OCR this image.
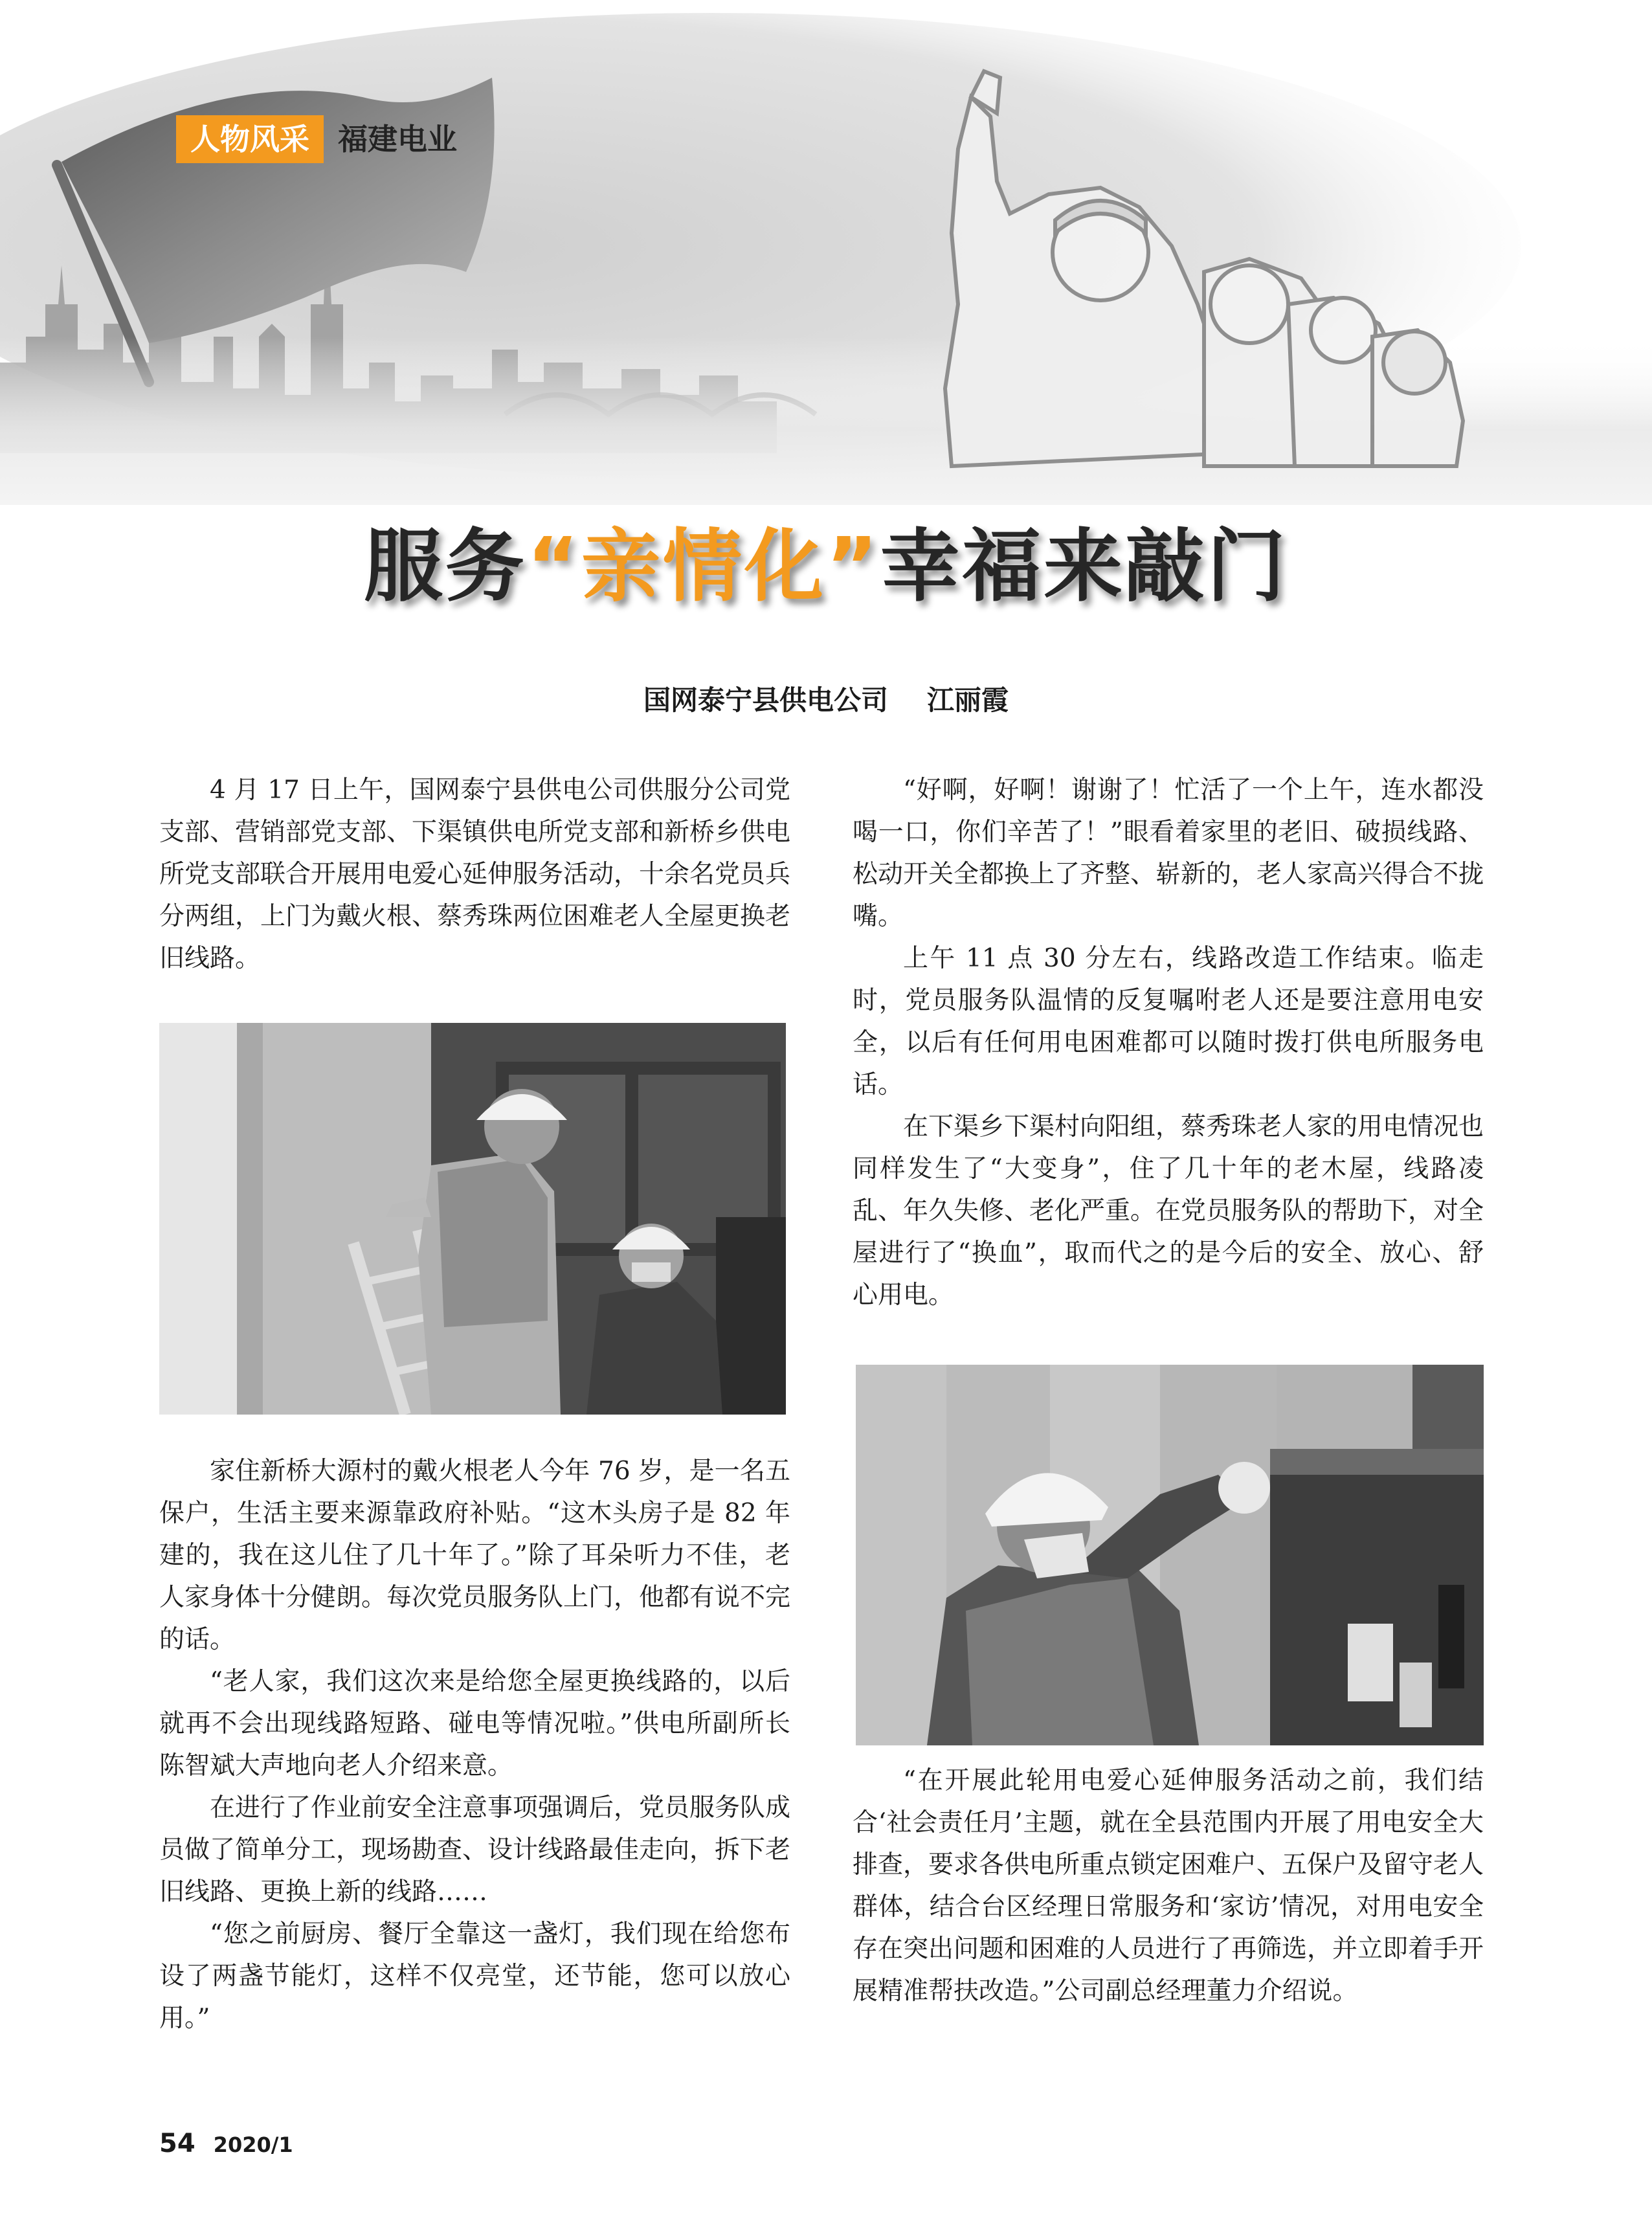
人物风采 福建电业
服务“亲情化”幸福来敲门
国网泰宁县供电公司 江丽霞

4 月 17 日上午，国网泰宁县供电公司供服分公司党支部、营销部党支部、下渠镇供电所党支部和新桥乡供电所党支部联合开展用电爱心延伸服务活动，十余名党员兵分两组，上门为戴火根、蔡秀珠两位困难老人全屋更换老旧线路。

家住新桥大源村的戴火根老人今年 76 岁，是一名五保户，生活主要来源靠政府补贴。“这木头房子是 82 年建的，我在这儿住了几十年了。”除了耳朵听力不佳，老人家身体十分健朗。每次党员服务队上门，他都有说不完的话。

“老人家，我们这次来是给您全屋更换线路的，以后就再不会出现线路短路、碰电等情况啦。”供电所副所长陈智斌大声地向老人介绍来意。

在进行了作业前安全注意事项强调后，党员服务队成员做了简单分工，现场勘查、设计线路最佳走向，拆下老旧线路、更换上新的线路……

“您之前厨房、餐厅全靠这一盏灯，我们现在给您布设了两盏节能灯，这样不仅亮堂，还节能，您可以放心用。”

“好啊，好啊！谢谢了！忙活了一个上午，连水都没喝一口，你们辛苦了！”眼看着家里的老旧、破损线路、松动开关全都换上了齐整、崭新的，老人家高兴得合不拢嘴。

上午 11 点 30 分左右，线路改造工作结束。临走时，党员服务队温情的反复嘱咐老人还是要注意用电安全，以后有任何用电困难都可以随时拨打供电所服务电话。

在下渠乡下渠村向阳组，蔡秀珠老人家的用电情况也同样发生了“大变身”，住了几十年的老木屋，线路凌乱、年久失修、老化严重。在党员服务队的帮助下，对全屋进行了“换血”，取而代之的是今后的安全、放心、舒心用电。

“在开展此轮用电爱心延伸服务活动之前，我们结合‘社会责任月’主题，就在全县范围内开展了用电安全大排查，要求各供电所重点锁定困难户、五保户及留守老人群体，结合台区经理日常服务和‘家访’情况，对用电安全存在突出问题和困难的人员进行了再筛选，并立即着手开展精准帮扶改造。”公司副总经理董力介绍说。

54 2020/1
